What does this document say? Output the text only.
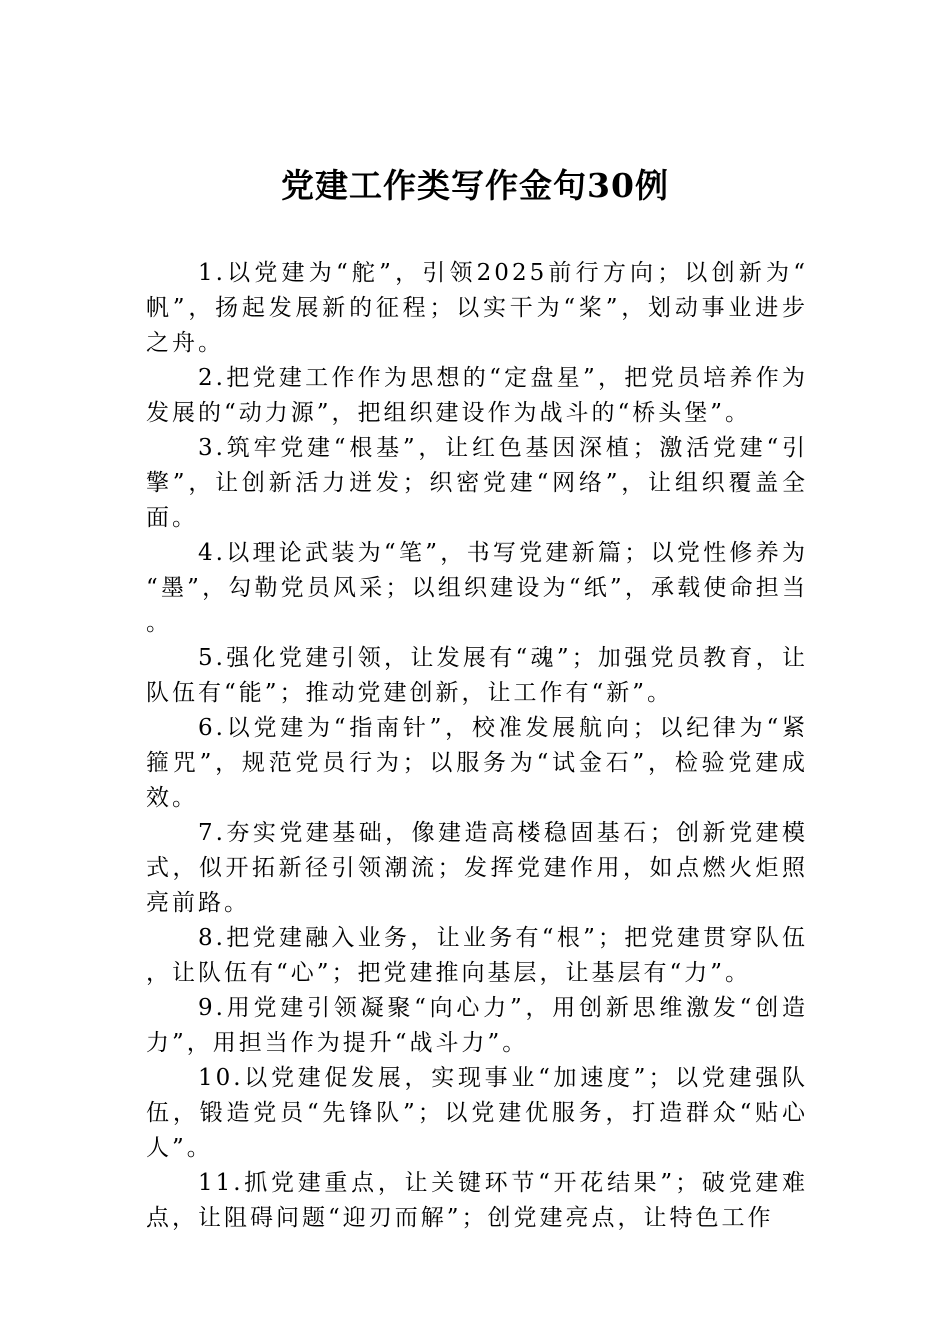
党建工作类写作金句30例

1.以党建为“舵”，引领2025前行方向；以创新为“帆”，扬起发展新的征程；以实干为“桨”，划动事业进步之舟。

2.把党建工作作为思想的“定盘星”，把党员培养作为发展的“动力源”，把组织建设作为战斗的“桥头堡”。

3.筑牢党建“根基”，让红色基因深植；激活党建“引擎”，让创新活力迸发；织密党建“网络”，让组织覆盖全面。

4.以理论武装为“笔”，书写党建新篇；以党性修养为“墨”，勾勒党员风采；以组织建设为“纸”，承载使命担当。

5.强化党建引领，让发展有“魂”；加强党员教育，让队伍有“能”；推动党建创新，让工作有“新”。

6.以党建为“指南针”，校准发展航向；以纪律为“紧箍咒”，规范党员行为；以服务为“试金石”，检验党建成效。

7.夯实党建基础，像建造高楼稳固基石；创新党建模式，似开拓新径引领潮流；发挥党建作用，如点燃火炬照亮前路。

8.把党建融入业务，让业务有“根”；把党建贯穿队伍，让队伍有“心”；把党建推向基层，让基层有“力”。

9.用党建引领凝聚“向心力”，用创新思维激发“创造力”，用担当作为提升“战斗力”。

10.以党建促发展，实现事业“加速度”；以党建强队伍，锻造党员“先锋队”；以党建优服务，打造群众“贴心人”。

11.抓党建重点，让关键环节“开花结果”；破党建难点，让阻碍问题“迎刃而解”；创党建亮点，让特色工作
